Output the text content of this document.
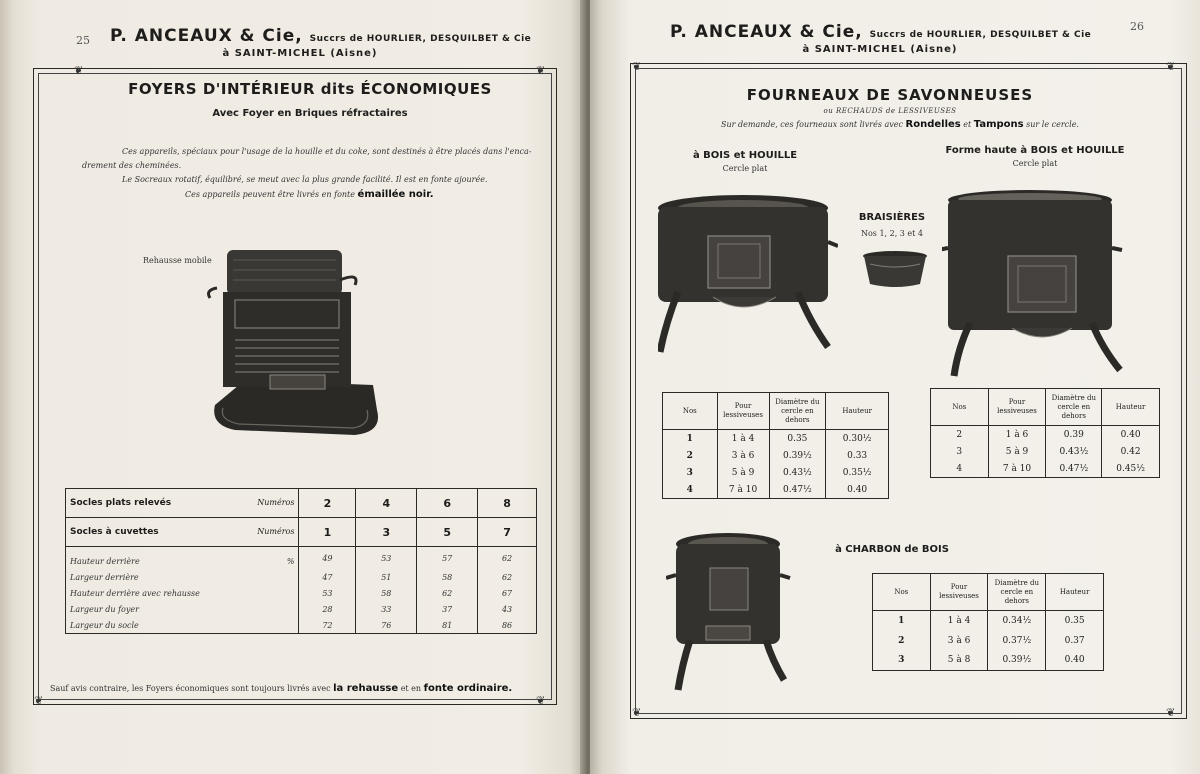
25 P. ANCEAUX & Cie, Succrs de HOURLIER, DESQUILBET & Cie
à SAINT-MICHEL (Aisne)
❦	❦
❦	❦
FOYERS D'INTÉRIEUR dits ÉCONOMIQUES
Avec Foyer en Briques réfractaires
Ces appareils, spéciaux pour l'usage de la houille et du coke, sont destinés à être placés dans l'enca-
drement des cheminées.
Le Socreaux rotatif, équilibré, se meut avec la plus grande facilité. Il est en fonte ajourée.
Ces appareils peuvent être livrés en fonte émaillée noir.
Rehausse mobile
Socles plats relevés Numéros	2	4	6	8
Socles à cuvettes Numéros	1	3	5	7
Hauteur derrière %	49	53	57	62
Largeur derrière	47	51	58	62
Hauteur derrière avec rehausse	53	58	62	67
Largeur du foyer	28	33	37	43
Largeur du socle	72	76	81	86
Sauf avis contraire, les Foyers économiques sont toujours livrés avec la rehausse et en fonte ordinaire.
26
P. ANCEAUX & Cie, Succrs de HOURLIER, DESQUILBET & Cie
à SAINT-MICHEL (Aisne)
❦	❦
❦	❦
FOURNEAUX DE SAVONNEUSES
ou RECHAUDS de LESSIVEUSES
Sur demande, ces fourneaux sont livrés avec Rondelles et Tampons sur le cercle.
à BOIS et HOUILLE
Cercle plat
Forme haute à BOIS et HOUILLE
Cercle plat
BRAISIÈRES
Nos 1, 2, 3 et 4
Nos	Pour lessiveuses	Diamètre du cercle en dehors	Hauteur
1	1 à 4	0.35	0.30½
2	3 à 6	0.39½	0.33
3	5 à 9	0.43½	0.35½
4	7 à 10	0.47½	0.40
Nos	Pour lessiveuses	Diamètre du cercle en dehors	Hauteur
2	1 à 6	0.39	0.40
3	5 à 9	0.43½	0.42
4	7 à 10	0.47½	0.45½
à CHARBON de BOIS
Nos	Pour lessiveuses	Diamètre du cercle en dehors	Hauteur
1	1 à 4	0.34½	0.35
2	3 à 6	0.37½	0.37
3	5 à 8	0.39½	0.40
